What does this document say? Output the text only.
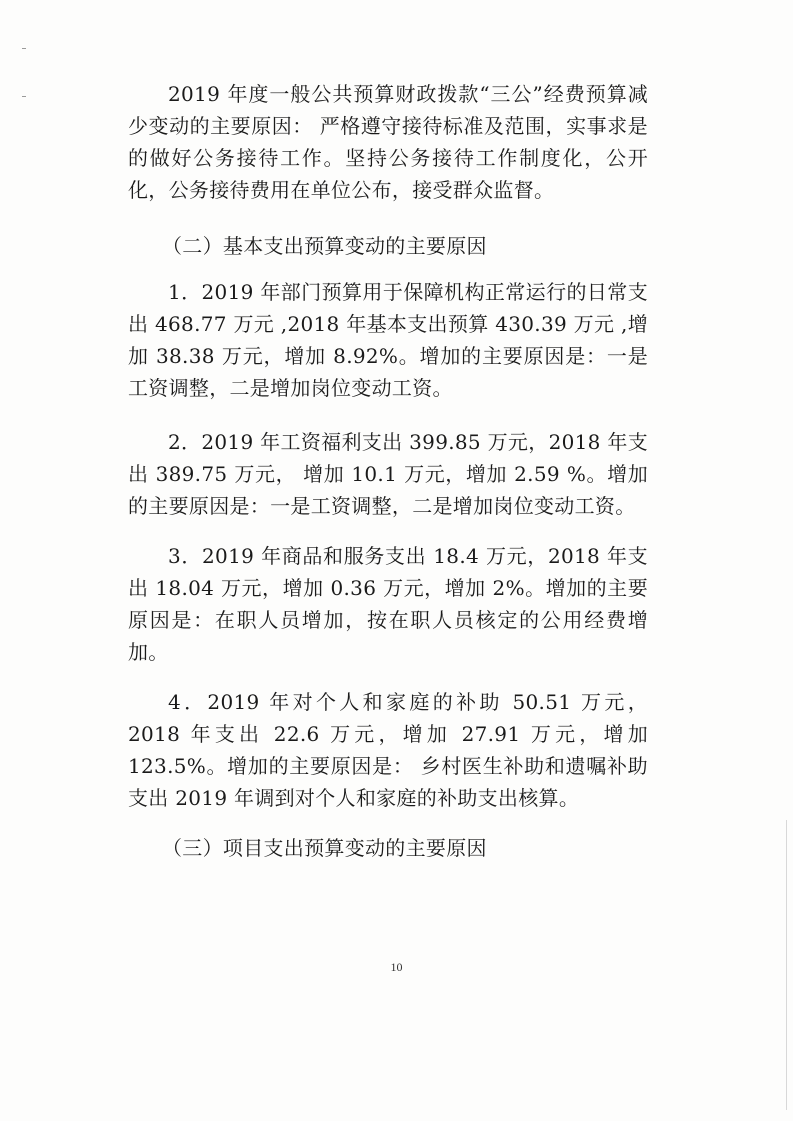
2019 年度一般公共预算财政拨款“三公”经费预算减少变动的主要原因： 严格遵守接待标准及范围，实事求是的做好公务接待工作。坚持公务接待工作制度化，公开化，公务接待费用在单位公布，接受群众监督。

（二）基本支出预算变动的主要原因

1．2019 年部门预算用于保障机构正常运行的日常支出 468.77 万元 ,2018 年基本支出预算 430.39 万元 ,增加 38.38 万元，增加 8.92%。增加的主要原因是：一是工资调整，二是增加岗位变动工资。

2．2019 年工资福利支出 399.85 万元，2018 年支出 389.75 万元， 增加 10.1 万元，增加 2.59 %。增加的主要原因是：一是工资调整，二是增加岗位变动工资。

3．2019 年商品和服务支出 18.4 万元，2018 年支出 18.04 万元，增加 0.36 万元，增加 2%。增加的主要原因是：在职人员增加，按在职人员核定的公用经费增加。

4．2019 年对个人和家庭的补助 50.51 万元，2018 年支出 22.6 万元，增加 27.91 万元，增加 123.5%。增加的主要原因是： 乡村医生补助和遗嘱补助支出 2019 年调到对个人和家庭的补助支出核算。

（三）项目支出预算变动的主要原因

10
